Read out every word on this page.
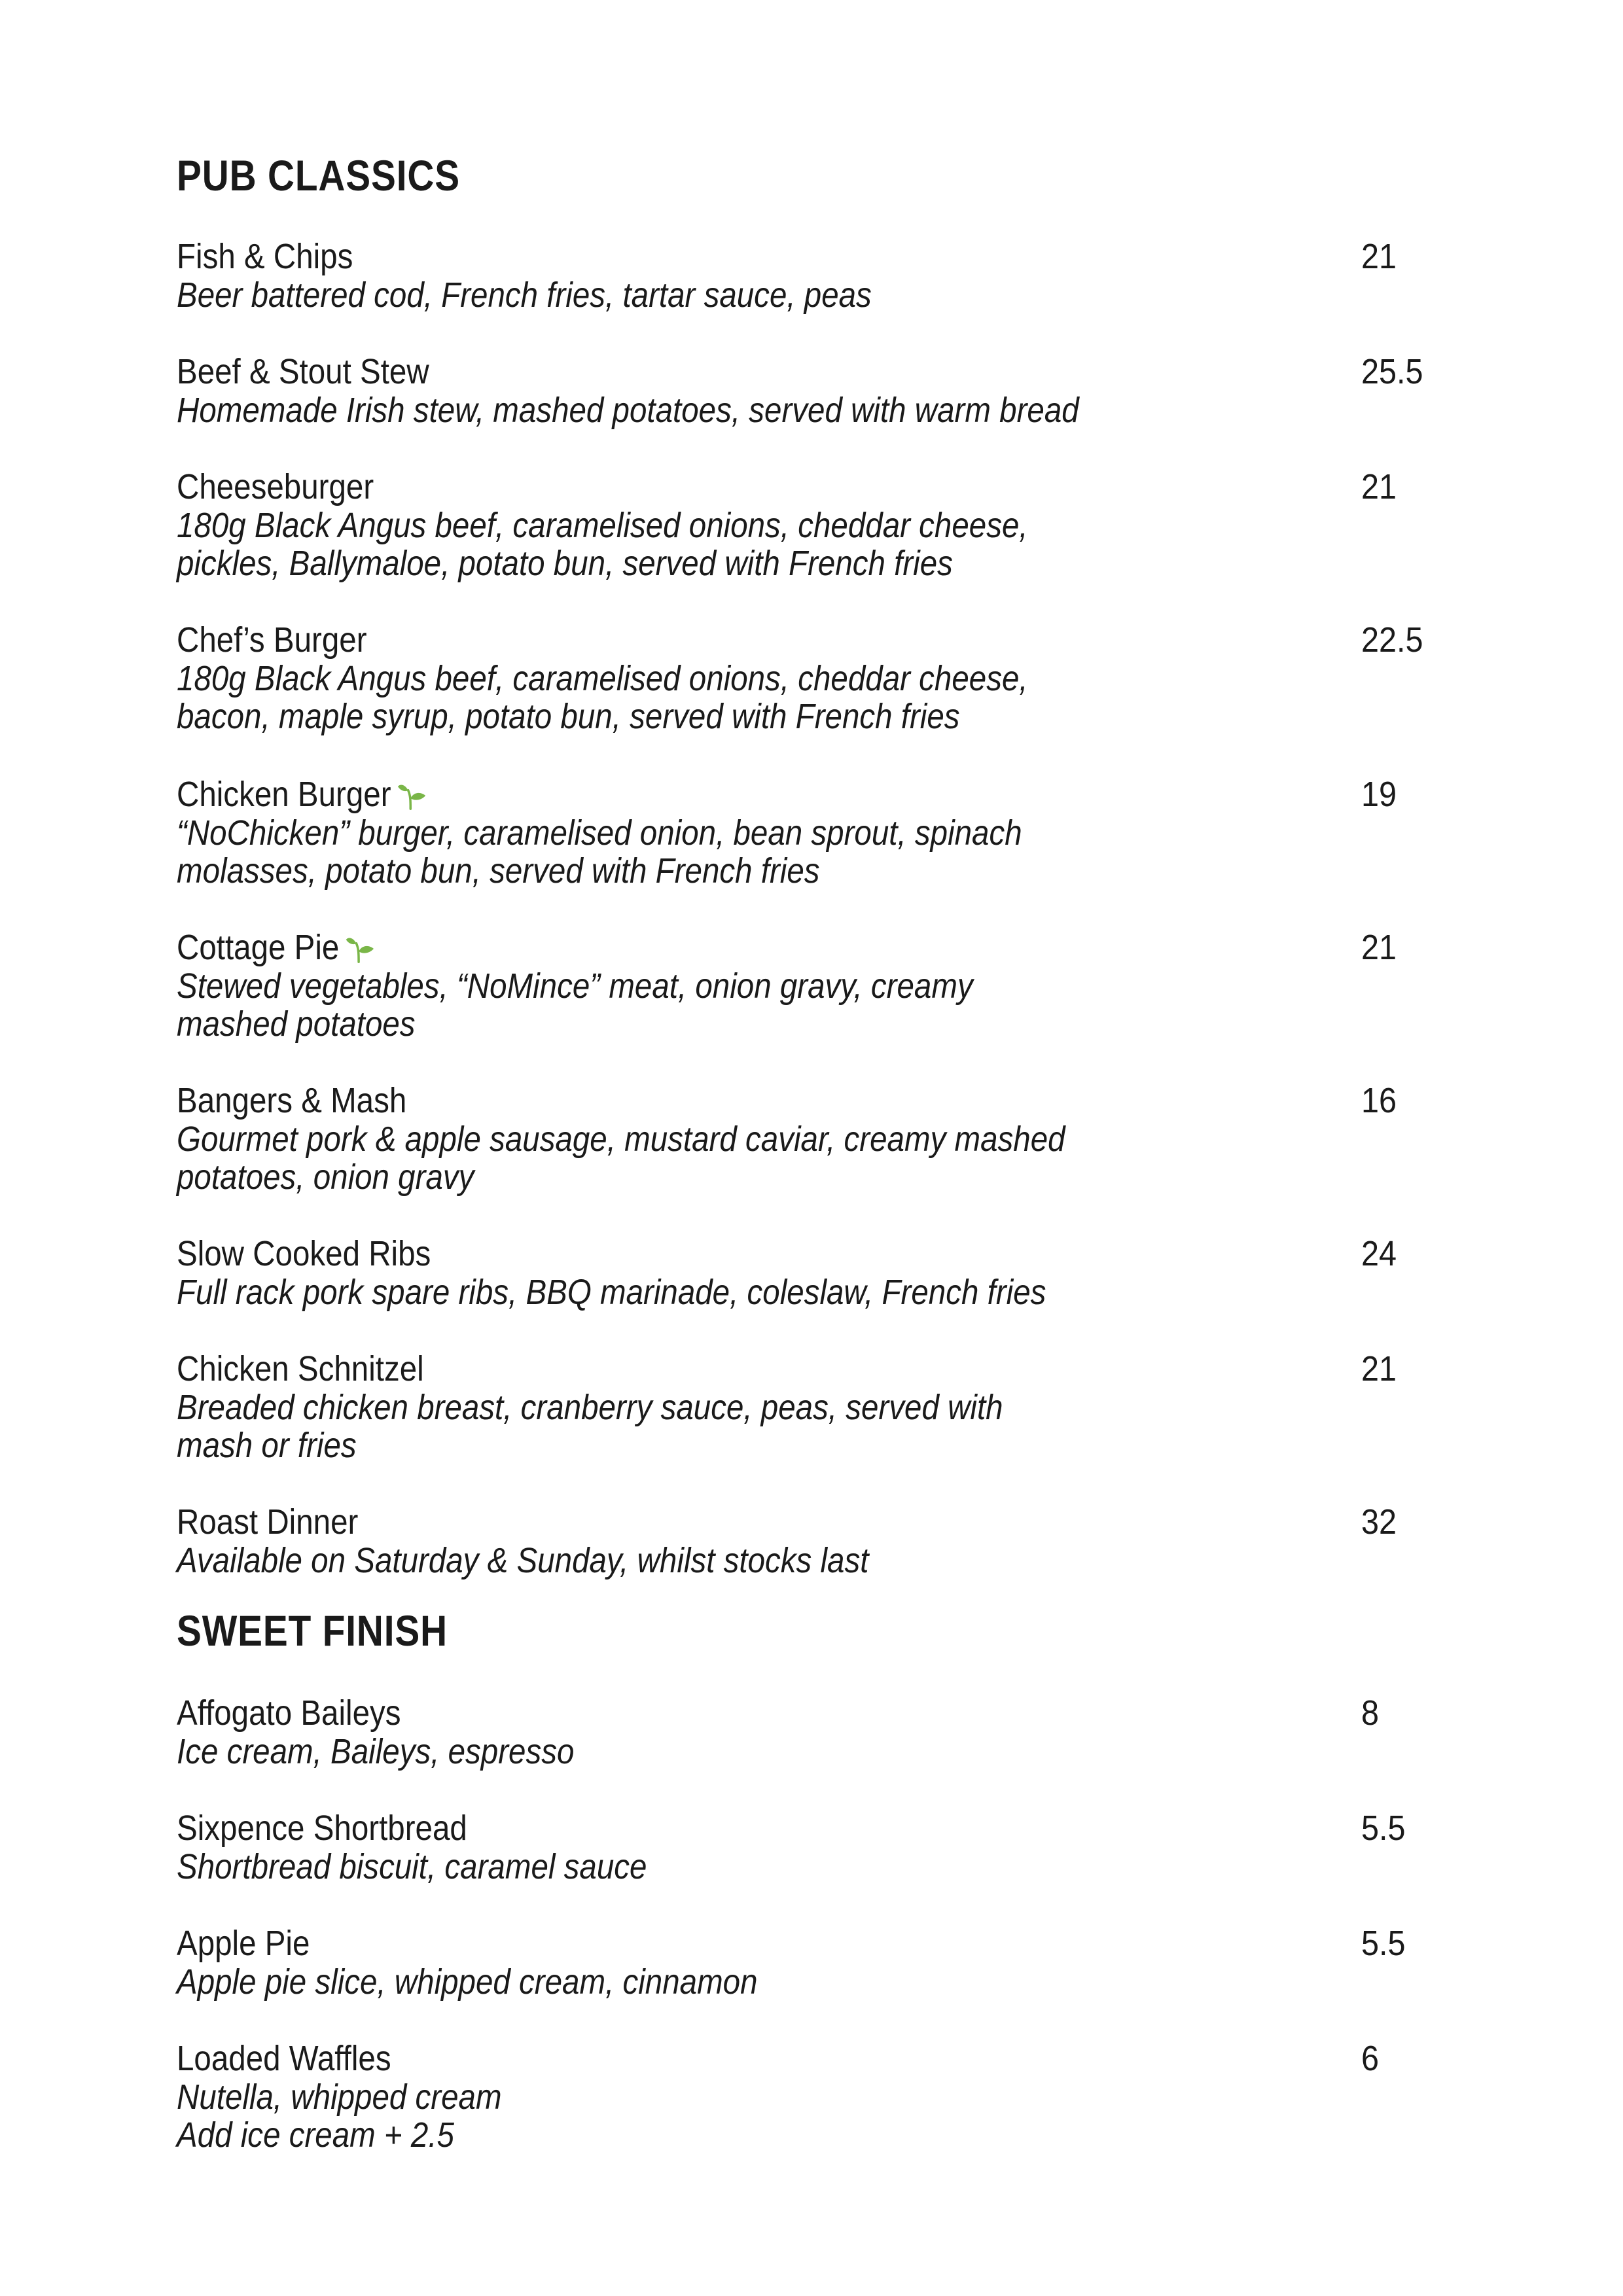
PUB CLASSICS
Fish & Chips
Beer battered cod, French fries, tartar sauce, peas
21
Beef & Stout Stew
Homemade Irish stew, mashed potatoes, served with warm bread
25.5
Cheeseburger
180g Black Angus beef, caramelised onions, cheddar cheese,
pickles, Ballymaloe, potato bun, served with French fries
21
Chef’s Burger
180g Black Angus beef, caramelised onions, cheddar cheese,
bacon, maple syrup, potato bun, served with French fries
22.5
Chicken Burger
“NoChicken” burger, caramelised onion, bean sprout, spinach
molasses, potato bun, served with French fries
19
Cottage Pie
Stewed vegetables, “NoMince” meat, onion gravy, creamy
mashed potatoes
21
Bangers & Mash
Gourmet pork & apple sausage, mustard caviar, creamy mashed
potatoes, onion gravy
16
Slow Cooked Ribs
Full rack pork spare ribs, BBQ marinade, coleslaw, French fries
24
Chicken Schnitzel
Breaded chicken breast, cranberry sauce, peas, served with
mash or fries
21
Roast Dinner
Available on Saturday & Sunday, whilst stocks last
32
SWEET FINISH
Affogato Baileys
Ice cream, Baileys, espresso
8
Sixpence Shortbread
Shortbread biscuit, caramel sauce
5.5
Apple Pie
Apple pie slice, whipped cream, cinnamon
5.5
Loaded Waffles
Nutella, whipped cream
Add ice cream + 2.5
6
